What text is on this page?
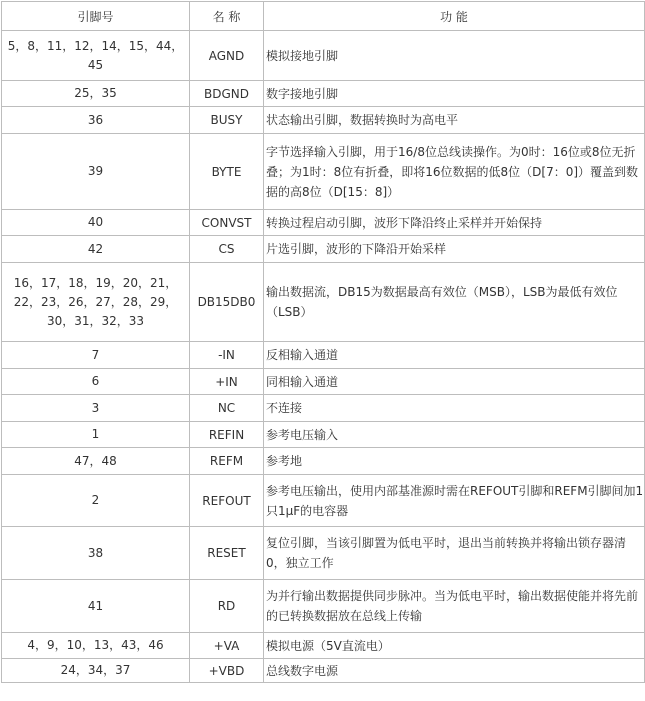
引脚号	名 称	功 能
5，8，11，12，14，15，44，45	AGND	模拟接地引脚
25，35	BDGND	数字接地引脚
36	BUSY	状态输出引脚，数据转换时为高电平
39	BYTE	字节选择输入引脚，用于16/8位总线读操作。为0时：16位或8位无折叠；为1时：8位有折叠，即将16位数据的低8位（D[7：0]）覆盖到数据的高8位（D[15：8]）
40	CONVST	转换过程启动引脚，波形下降沿终止采样并开始保持
42	CS	片选引脚，波形的下降沿开始采样
16，17，18，19，20，21，22，23，26，27，28，29，30，31，32，33	DB15DB0	输出数据流，DB15为数据最高有效位（MSB），LSB为最低有效位（LSB）
7	-IN	反相输入通道
6	+IN	同相输入通道
3	NC	不连接
1	REFIN	参考电压输入
47，48	REFM	参考地
2	REFOUT	参考电压输出，使用内部基准源时需在REFOUT引脚和REFM引脚间加1只1μF的电容器
38	RESET	复位引脚，当该引脚置为低电平时，退出当前转换并将输出锁存器清0，独立工作
41	RD	为并行输出数据提供同步脉冲。当为低电平时，输出数据使能并将先前的已转换数据放在总线上传输
4，9，10，13，43，46	+VA	模拟电源（5V直流电）
24，34，37	+VBD	总线数字电源
